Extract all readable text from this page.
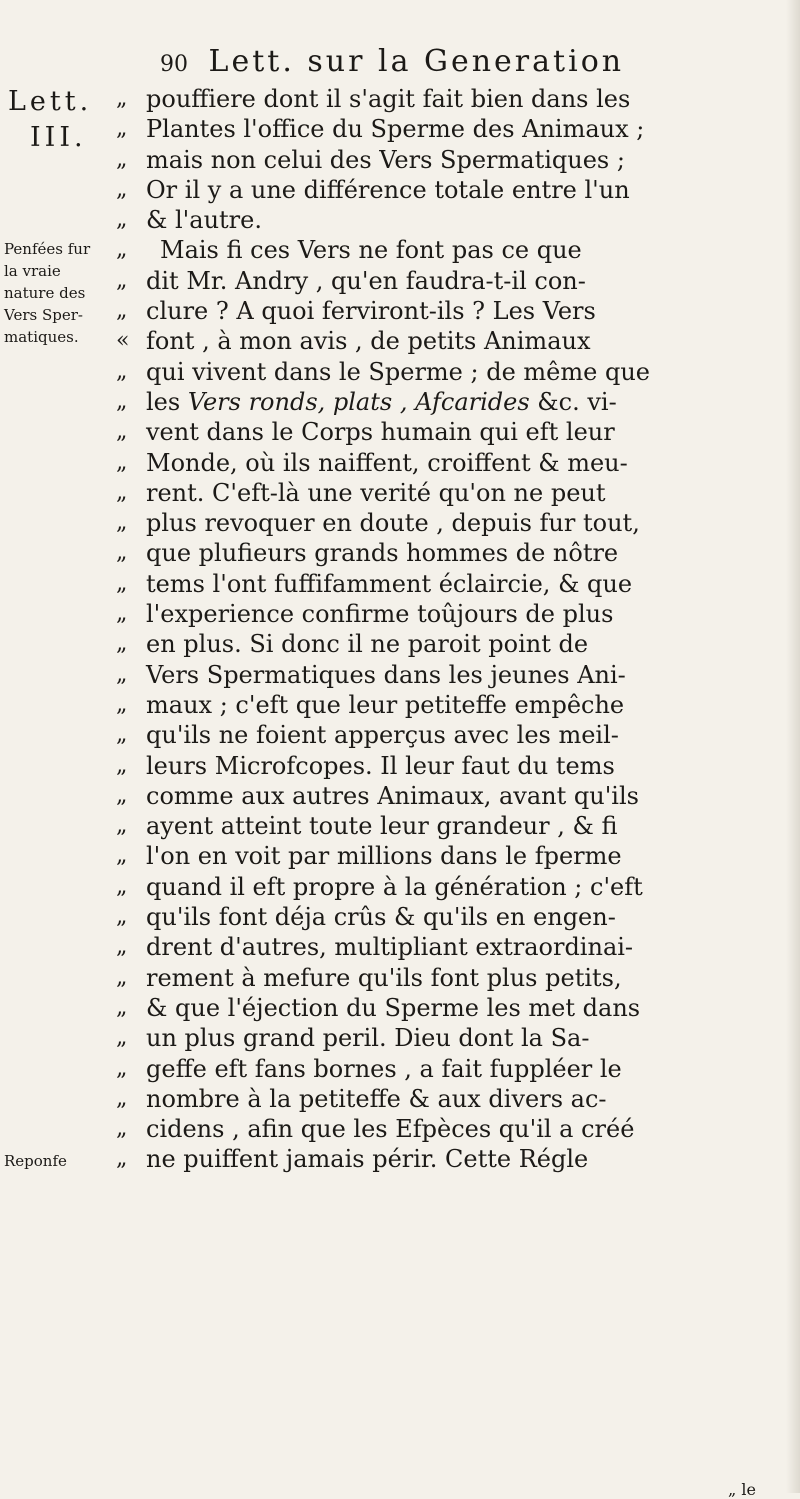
90 Lett. sur la Generation
Lett.
III.
Penfées fur
la vraie
nature des
Vers Sper-
matiques.
Reponfe
„
„
„
„
„
„
„
„
«
„
„
„
„
„
„
„
„
„
„
„
„
„
„
„
„
„
„
„
„
„
„
„
„
„
„
„
pouffiere dont il s'agit fait bien dans les
Plantes l'office du Sperme des Animaux ;
mais non celui des Vers Spermatiques ;
Or il y a une différence totale entre l'un
& l'autre.
Mais fi ces Vers ne font pas ce que
dit Mr. Andry , qu'en faudra-t-il con-
clure ? A quoi ferviront-ils ? Les Vers
font , à mon avis , de petits Animaux
qui vivent dans le Sperme ; de même que
les Vers ronds, plats , Afcarides &c. vi-
vent dans le Corps humain qui eft leur
Monde, où ils naiffent, croiffent & meu-
rent. C'eft-là une verité qu'on ne peut
plus revoquer en doute , depuis fur tout,
que plufieurs grands hommes de nôtre
tems l'ont fuffifamment éclaircie, & que
l'experience confirme toûjours de plus
en plus. Si donc il ne paroit point de
Vers Spermatiques dans les jeunes Ani-
maux ; c'eft que leur petiteffe empêche
qu'ils ne foient apperçus avec les meil-
leurs Microfcopes. Il leur faut du tems
comme aux autres Animaux, avant qu'ils
ayent atteint toute leur grandeur , & fi
l'on en voit par millions dans le fperme
quand il eft propre à la génération ; c'eft
qu'ils font déja crûs & qu'ils en engen-
drent d'autres, multipliant extraordinai-
rement à mefure qu'ils font plus petits,
& que l'éjection du Sperme les met dans
un plus grand peril. Dieu dont la Sa-
geffe eft fans bornes , a fait fuppléer le
nombre à la petiteffe & aux divers ac-
cidens , afin que les Efpèces qu'il a créé
ne puiffent jamais périr. Cette Régle
„ le
